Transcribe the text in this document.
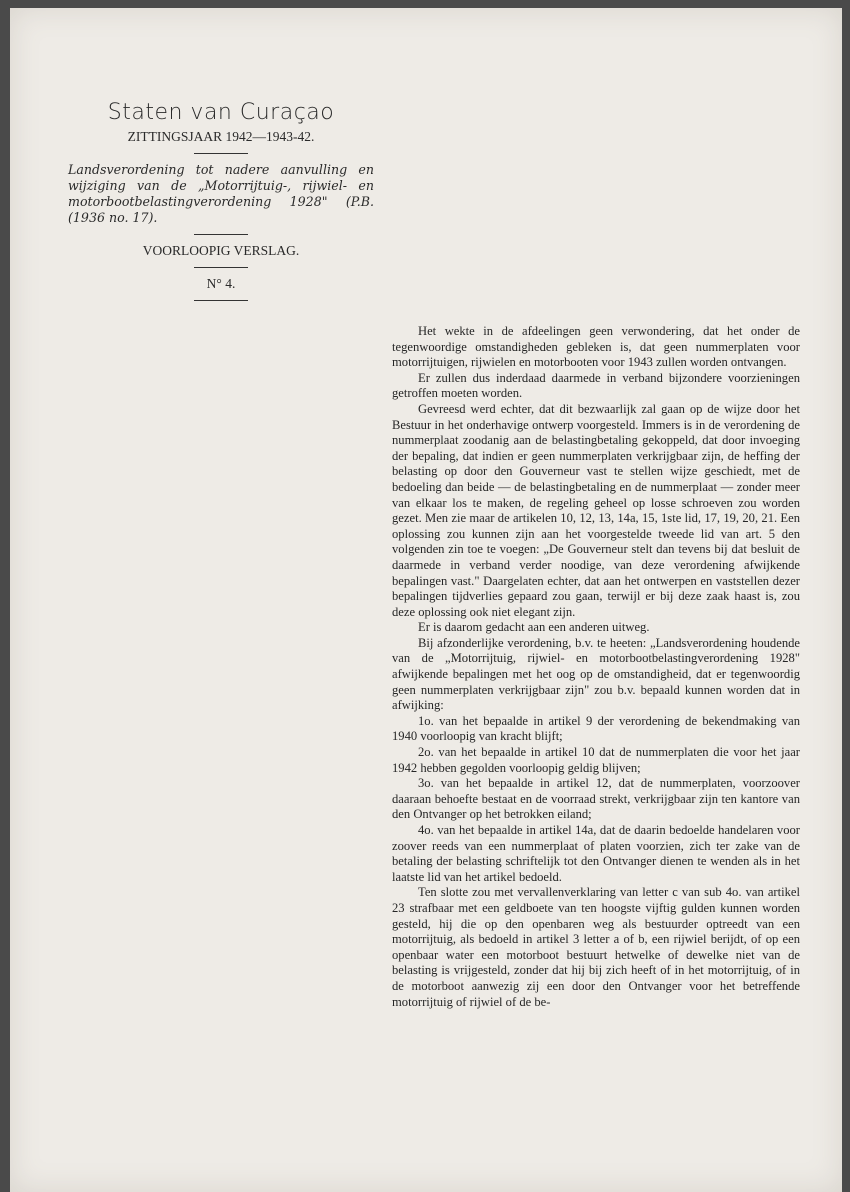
Staten van Curaçao
ZITTINGSJAAR 1942—1943-42.
Landsverordening tot nadere aanvulling en wijziging van de „Motorrijtuig-, rijwiel- en motorbootbelastingverordening 1928" (P.B. (1936 no. 17).
VOORLOOPIG VERSLAG.
N° 4.

Het wekte in de afdeelingen geen verwondering, dat het onder de tegenwoordige omstandigheden gebleken is, dat geen nummerplaten voor motorrijtuigen, rijwielen en motorbooten voor 1943 zullen worden ontvangen.

Er zullen dus inderdaad daarmede in verband bijzondere voorzieningen getroffen moeten worden.

Gevreesd werd echter, dat dit bezwaarlijk zal gaan op de wijze door het Bestuur in het onderhavige ontwerp voorgesteld. Immers is in de verordening de nummerplaat zoodanig aan de belastingbetaling gekoppeld, dat door invoeging der bepaling, dat indien er geen nummerplaten verkrijgbaar zijn, de heffing der belasting op door den Gouverneur vast te stellen wijze geschiedt, met de bedoeling dan beide — de belastingbetaling en de nummerplaat — zonder meer van elkaar los te maken, de regeling geheel op losse schroeven zou worden gezet. Men zie maar de artikelen 10, 12, 13, 14a, 15, 1ste lid, 17, 19, 20, 21. Een oplossing zou kunnen zijn aan het voorgestelde tweede lid van art. 5 den volgenden zin toe te voegen: „De Gouverneur stelt dan tevens bij dat besluit de daarmede in verband verder noodige, van deze verordening afwijkende bepalingen vast." Daargelaten echter, dat aan het ontwerpen en vaststellen dezer bepalingen tijdverlies gepaard zou gaan, terwijl er bij deze zaak haast is, zou deze oplossing ook niet elegant zijn.

Er is daarom gedacht aan een anderen uitweg.

Bij afzonderlijke verordening, b.v. te heeten: „Landsverordening houdende van de „Motorrijtuig, rijwiel- en motorbootbelastingverordening 1928" afwijkende bepalingen met het oog op de omstandigheid, dat er tegenwoordig geen nummerplaten verkrijgbaar zijn" zou b.v. bepaald kunnen worden dat in afwijking:

1o. van het bepaalde in artikel 9 der verordening de bekendmaking van 1940 voorloopig van kracht blijft;

2o. van het bepaalde in artikel 10 dat de nummerplaten die voor het jaar 1942 hebben gegolden voorloopig geldig blijven;

3o. van het bepaalde in artikel 12, dat de nummerplaten, voorzoover daaraan behoefte bestaat en de voorraad strekt, verkrijgbaar zijn ten kantore van den Ontvanger op het betrokken eiland;

4o. van het bepaalde in artikel 14a, dat de daarin bedoelde handelaren voor zoover reeds van een nummerplaat of platen voorzien, zich ter zake van de betaling der belasting schriftelijk tot den Ontvanger dienen te wenden als in het laatste lid van het artikel bedoeld.

Ten slotte zou met vervallenverklaring van letter c van sub 4o. van artikel 23 strafbaar met een geldboete van ten hoogste vijftig gulden kunnen worden gesteld, hij die op den openbaren weg als bestuurder optreedt van een motorrijtuig, als bedoeld in artikel 3 letter a of b, een rijwiel berijdt, of op een openbaar water een motorboot bestuurt hetwelke of dewelke niet van de belasting is vrijgesteld, zonder dat hij bij zich heeft of in het motorrijtuig, of in de motorboot aanwezig zij een door den Ontvanger voor het betreffende motorrijtuig of rijwiel of de be-
